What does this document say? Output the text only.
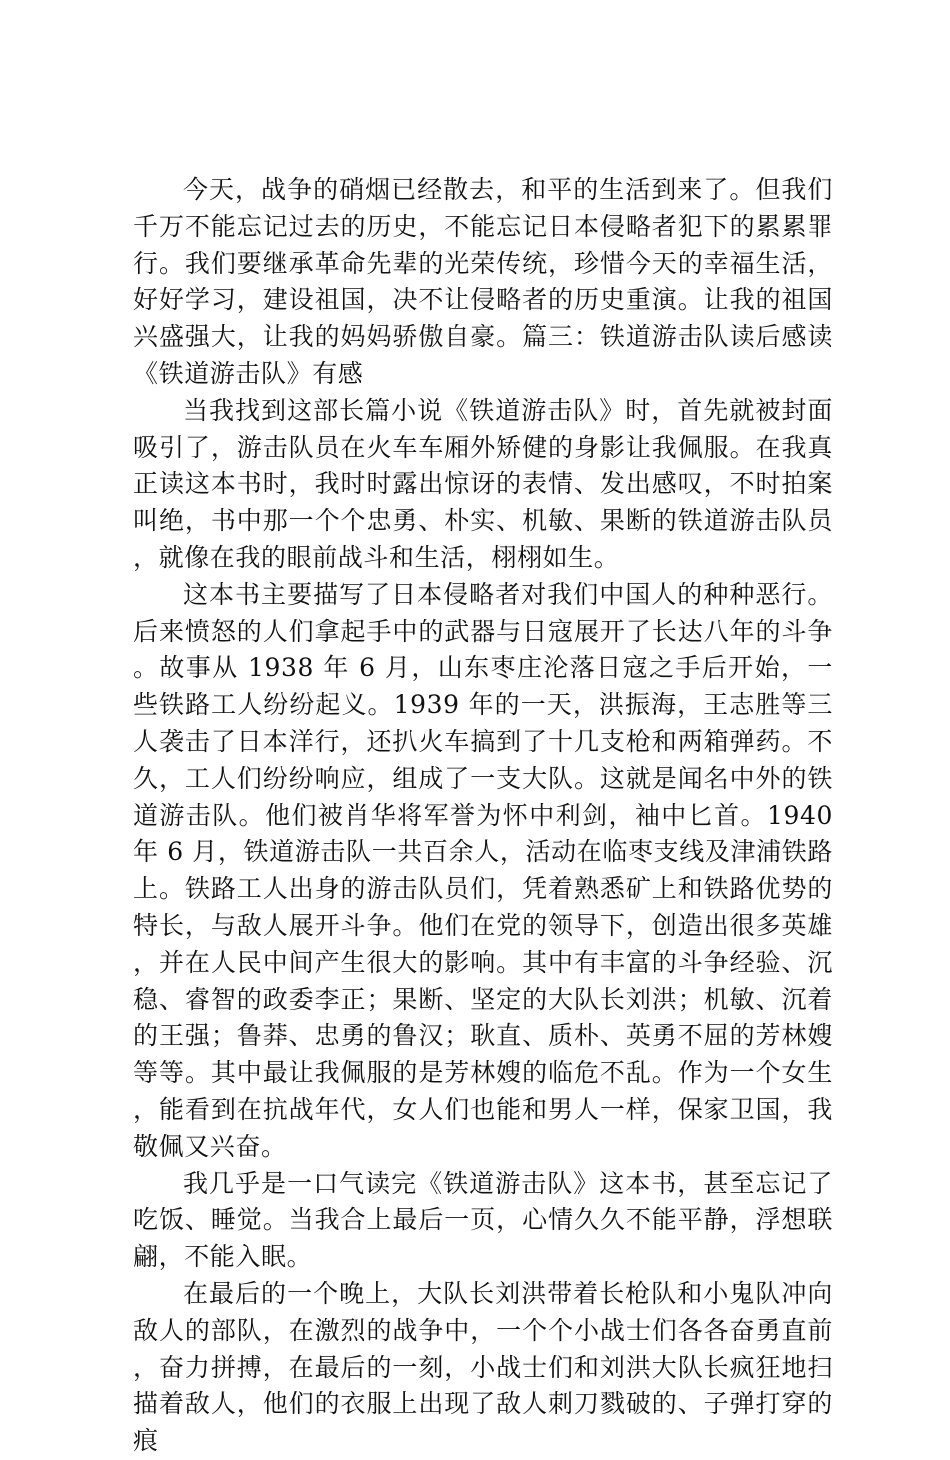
今天，战争的硝烟已经散去，和平的生活到来了。但我们千万不能忘记过去的历史，不能忘记日本侵略者犯下的累累罪行。我们要继承革命先辈的光荣传统，珍惜今天的幸福生活，好好学习，建设祖国，决不让侵略者的历史重演。让我的祖国兴盛强大，让我的妈妈骄傲自豪。篇三：铁道游击队读后感读《铁道游击队》有感

当我找到这部长篇小说《铁道游击队》时，首先就被封面吸引了，游击队员在火车车厢外矫健的身影让我佩服。在我真正读这本书时，我时时露出惊讶的表情、发出感叹，不时拍案叫绝，书中那一个个忠勇、朴实、机敏、果断的铁道游击队员，就像在我的眼前战斗和生活，栩栩如生。

这本书主要描写了日本侵略者对我们中国人的种种恶行。后来愤怒的人们拿起手中的武器与日寇展开了长达八年的斗争。故事从 1938 年 6 月，山东枣庄沦落日寇之手后开始，一些铁路工人纷纷起义。1939 年的一天，洪振海，王志胜等三人袭击了日本洋行，还扒火车搞到了十几支枪和两箱弹药。不久，工人们纷纷响应，组成了一支大队。这就是闻名中外的铁道游击队。他们被肖华将军誉为怀中利剑，袖中匕首。1940 年 6 月，铁道游击队一共百余人，活动在临枣支线及津浦铁路上。铁路工人出身的游击队员们，凭着熟悉矿上和铁路优势的特长，与敌人展开斗争。他们在党的领导下，创造出很多英雄，并在人民中间产生很大的影响。其中有丰富的斗争经验、沉稳、睿智的政委李正；果断、坚定的大队长刘洪；机敏、沉着的王强；鲁莽、忠勇的鲁汉；耿直、质朴、英勇不屈的芳林嫂等等。其中最让我佩服的是芳林嫂的临危不乱。作为一个女生，能看到在抗战年代，女人们也能和男人一样，保家卫国，我敬佩又兴奋。

我几乎是一口气读完《铁道游击队》这本书，甚至忘记了吃饭、睡觉。当我合上最后一页，心情久久不能平静，浮想联翩，不能入眠。

在最后的一个晚上，大队长刘洪带着长枪队和小鬼队冲向敌人的部队，在激烈的战争中，一个个小战士们各各奋勇直前，奋力拼搏，在最后的一刻，小战士们和刘洪大队长疯狂地扫描着敌人，他们的衣服上出现了敌人刺刀戮破的、子弹打穿的痕
